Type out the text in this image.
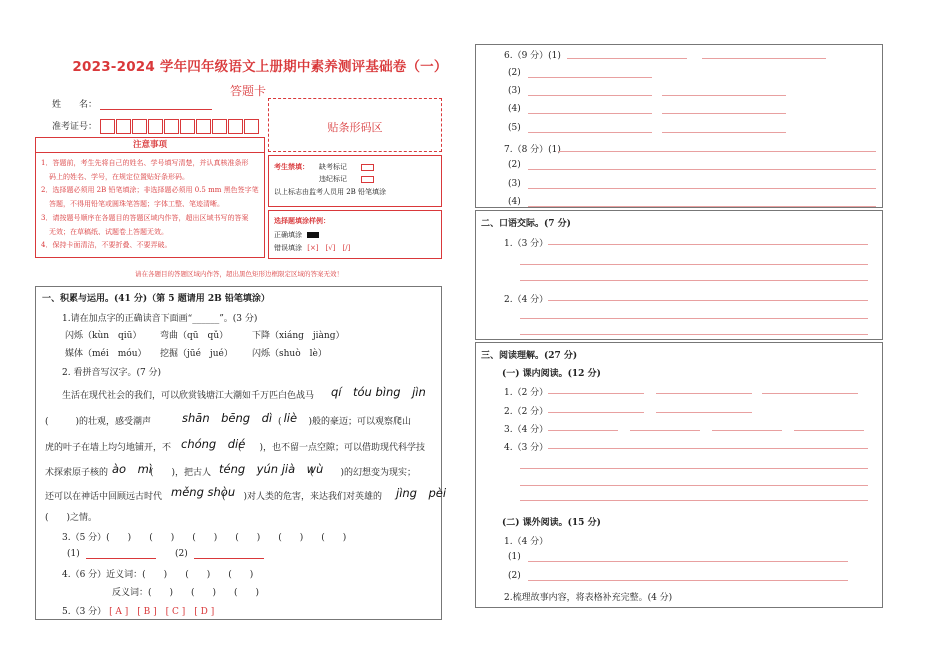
2023-2024 学年四年级语文上册期中素养测评基础卷（一）
答题卡
姓　　名：
准考证号：	贴条形码区
注意事项
1．答题前，考生先将自己的姓名、学号填写清楚，并认真核准条形
码上的姓名、学号，在规定位置贴好条形码。
2．选择题必须用 2B 铅笔填涂；非选择题必须用 0.5 mm 黑色签字笔
答题，不得用铅笔或圆珠笔答题；字体工整、笔迹清晰。
3．请按题号顺序在各题目的答题区域内作答，超出区域书写的答案
无效；在草稿纸、试题卷上答题无效。
4．保持卡面清洁，不要折叠、不要弄破。
考生禁填： 缺考标记
违纪标记
以上标志由监考人员用 2B 铅笔填涂
选择题填涂样例：
正确填涂
错误填涂 [×]　[√]　[/]
请在各题目的答题区域内作答，超出黑色矩形边框限定区域的答案无效！
一、积累与运用。(41 分)（第 5 题请用 2B 铅笔填涂）
1.请在加点字的正确读音下面画“______”。(3 分)
闪烁（kùn　qiū） 弯曲（qū　qǔ）	下降（xiáng　jiàng）
媒体（méi　móu） 挖掘（jūé　jué） 闪烁（shuò　lè）
2. 看拼音写汉字。(7 分)
生活在现代社会的我们，可以欣赏钱塘江大潮如千万匹白色战马 qí　tóu bìng　jìn
(　　　)的壮观，感受潮声	shān　bēng　dì　liè
(　　　)般的豪迈；可以观察爬山
虎的叶子在墙上均匀地铺开，不 chóng　dié
(　　)，也不留一点空隙；可以借助现代科学技
术探索原子核的 ào　mì
(　　)，把古人 téng　yún jià　wù
(　　　)的幻想变为现实；
还可以在神话中回顾远古时代 měng shòu
(　　)对人类的危害，来达我们对英雄的 jìng　pèi
(　　)之情。
3.（5 分）(　　)　　(　　)　　(　　)　　(　　)　　(　　)　　(　　)
(1)	(2)
4.（6 分）近义词：(　　)　　(　　)　　(　　)
反义词：(　　)　　(　　)　　(　　)
5.（3 分） [ A ]　[ B ]　[ C ]　[ D ]
6.（9 分）(1)
(2)
(3)
(4)
(5)
7.（8 分）(1)
(2)
(3)
(4)
二、口语交际。(7 分)
1.（3 分）
2.（4 分）
三、阅读理解。(27 分)
(一) 课内阅读。(12 分)
1.（2 分）
2.（2 分）
3.（4 分）
4.（3 分）
(二) 课外阅读。(15 分)
1.（4 分）
(1)
(2)
2.梳理故事内容，将表格补充完整。(4 分)
